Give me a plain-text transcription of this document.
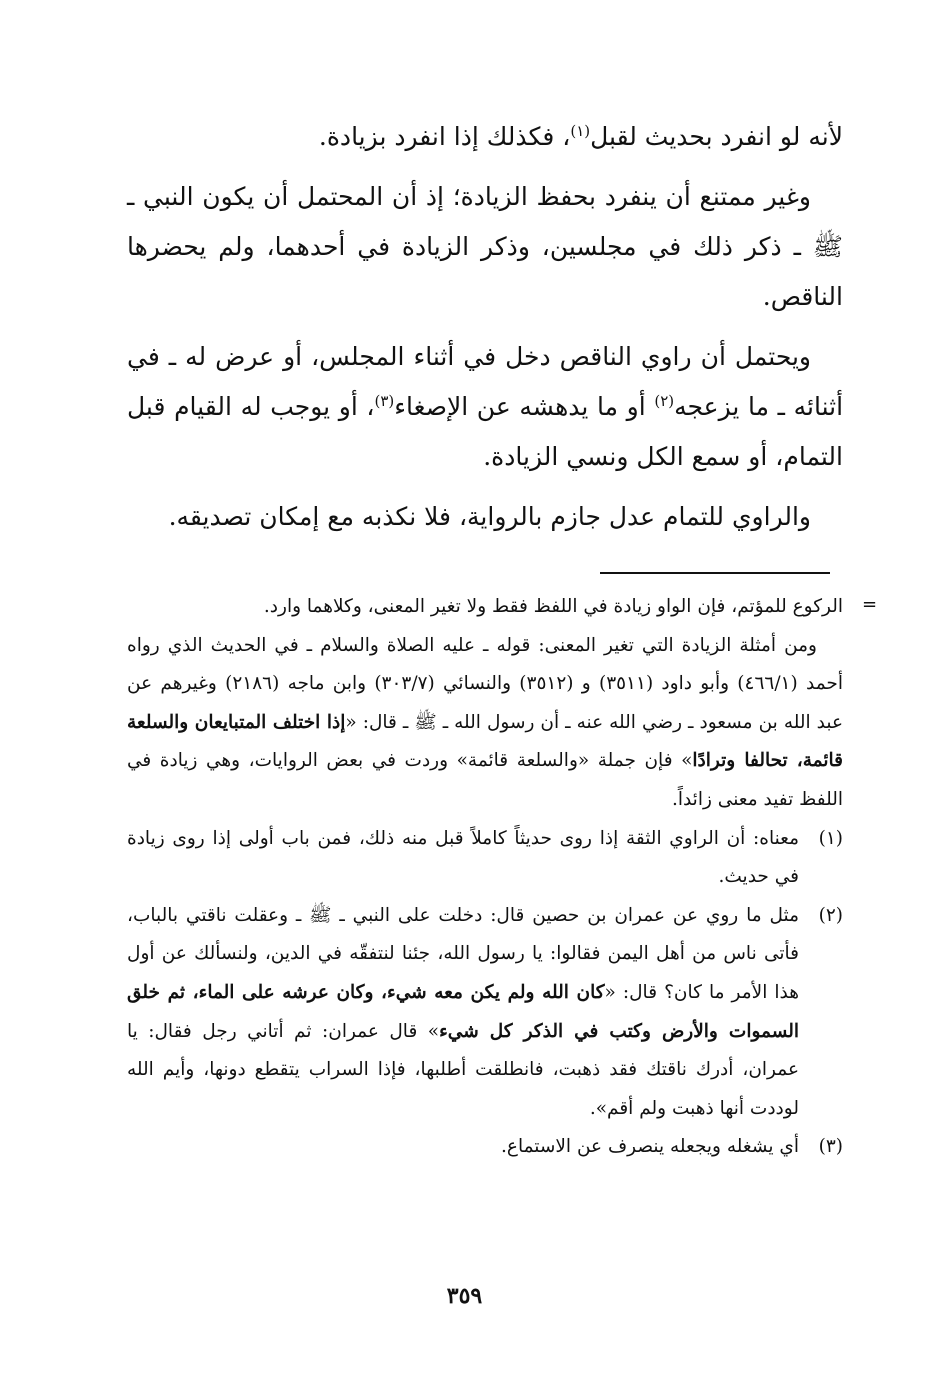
لأنه لو انفرد بحديث لقبل$^{(١)}$، فكذلك إذا انفرد بزيادة.

وغير ممتنع أن ينفرد بحفظ الزيادة؛ إذ أن المحتمل أن يكون النبي ـ ﷺ ـ ذكر ذلك في مجلسين، وذكر الزيادة في أحدهما، ولم يحضرها الناقص.

ويحتمل أن راوي الناقص دخل في أثناء المجلس، أو عرض له ـ في أثنائه ـ ما يزعجه$^{(٢)}$ أو ما يدهشه عن الإصغاء$^{(٣)}$، أو يوجب له القيام قبل التمام، أو سمع الكل ونسي الزيادة.

والراوي للتمام عدل جازم بالرواية، فلا نكذبه مع إمكان تصديقه.

=

الركوع للمؤتم، فإن الواو زيادة في اللفظ فقط ولا تغير المعنى، وكلاهما وارد.

ومن أمثلة الزيادة التي تغير المعنى: قوله ـ عليه الصلاة والسلام ـ في الحديث الذي رواه أحمد (٤٦٦/١) وأبو داود (٣٥١١) و (٣٥١٢) والنسائي (٣٠٣/٧) وابن ماجه (٢١٨٦) وغيرهم عن عبد الله بن مسعود ـ رضي الله عنه ـ أن رسول الله ـ ﷺ ـ قال: «إذا اختلف المتبايعان والسلعة قائمة، تحالفا وترادًا» فإن جملة «والسلعة قائمة» وردت في بعض الروايات، وهي زيادة في اللفظ تفيد معنى زائداً.

(١)

معناه: أن الراوي الثقة إذا روى حديثاً كاملاً قبل منه ذلك، فمن باب أولى إذا روى زيادة في حديث.

(٢)

مثل ما روي عن عمران بن حصين قال: دخلت على النبي ـ ﷺ ـ وعقلت ناقتي بالباب، فأتى ناس من أهل اليمن فقالوا: يا رسول الله، جئنا لنتفقّه في الدين، ولنسألك عن أول هذا الأمر ما كان؟ قال: «كان الله ولم يكن معه شيء، وكان عرشه على الماء، ثم خلق السموات والأرض وكتب في الذكر كل شيء» قال عمران: ثم أتاني رجل فقال: يا عمران، أدرك ناقتك فقد ذهبت، فانطلقت أطلبها، فإذا السراب يتقطع دونها، وأيم الله لوددت أنها ذهبت ولم أقم».

(٣)

أي يشغله ويجعله ينصرف عن الاستماع.

٣٥٩
